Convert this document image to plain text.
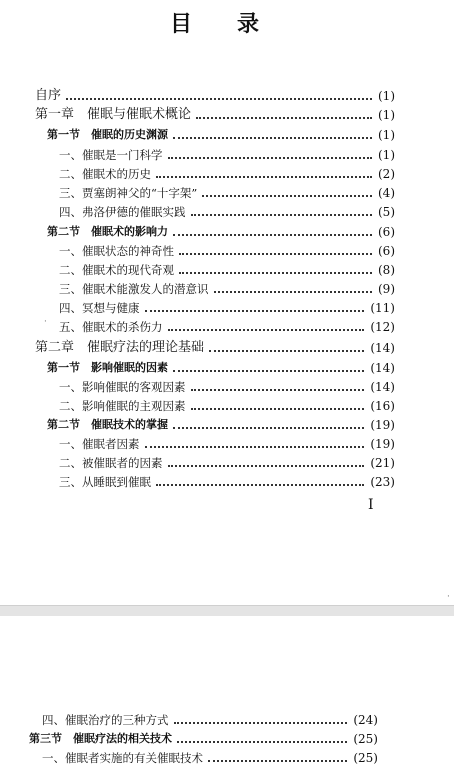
目 录
自序	(1)
第一章　催眠与催眠术概论	(1)
第一节　催眠的历史渊源	(1)
一、催眠是一门科学	(1)
二、催眠术的历史	(2)
三、贾塞朗神父的“十字架”	(4)
四、弗洛伊德的催眠实践	(5)
第二节　催眠术的影响力	(6)
一、催眠状态的神奇性	(6)
二、催眠术的现代奇观	(8)
三、催眠术能激发人的潜意识	(9)
四、冥想与健康	(11)
五、催眠术的杀伤力	(12)
第二章　催眠疗法的理论基础	(14)
第一节　影响催眠的因素	(14)
一、影响催眠的客观因素	(14)
二、影响催眠的主观因素	(16)
第二节　催眠技术的掌握	(19)
一、催眠者因素	(19)
二、被催眠者的因素	(21)
三、从睡眠到催眠	(23)
I
·
·
四、催眠治疗的三种方式	(24)
第三节　催眠疗法的相关技术	(25)
一、催眠者实施的有关催眠技术	(25)
